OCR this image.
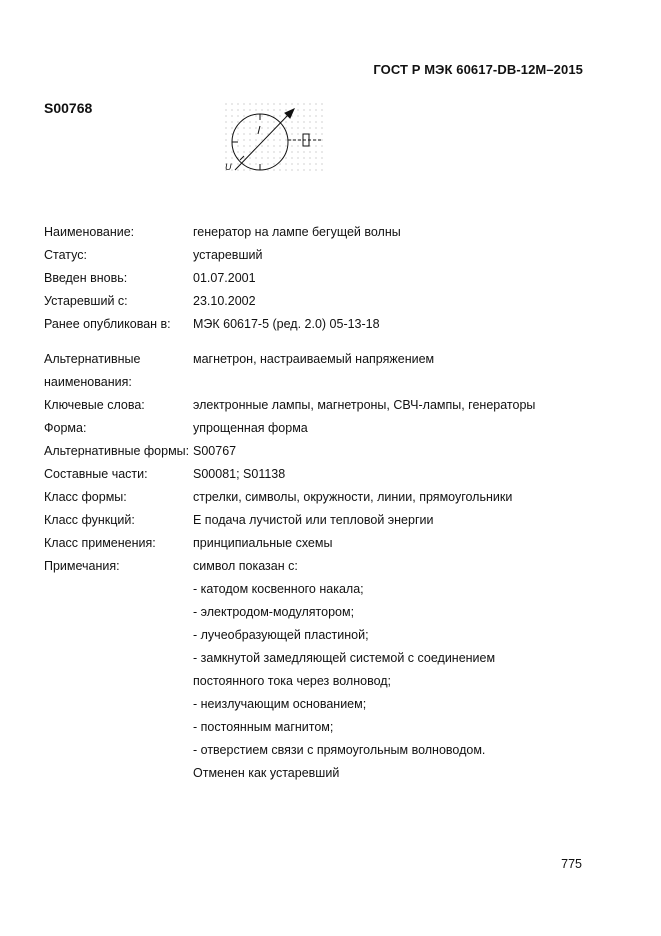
ГОСТ Р МЭК 60617-DB-12M–2015
S00768
U
Наименование:	генератор на лампе бегущей волны
Статус:	устаревший
Введен вновь:	01.07.2001
Устаревший с:	23.10.2002
Ранее опубликован в:	МЭК 60617-5 (ред. 2.0) 05-13-18
Альтернативные наименования:
магнетрон, настраиваемый напряжением
Ключевые слова:	электронные лампы, магнетроны, СВЧ-лампы, генераторы
Форма:	упрощенная форма
Альтернативные формы: S00767
Составные части:	S00081; S01138
Класс формы:	стрелки, символы, окружности, линии, прямоугольники
Класс функций:	E подача лучистой или тепловой энергии
Класс применения:	принципиальные схемы
Примечания:	символ показан с:
- катодом косвенного накала;
- электродом-модулятором;
- лучеобразующей пластиной;
- замкнутой замедляющей системой с соединением
постоянного тока через волновод;
- неизлучающим основанием;
- постоянным магнитом;
- отверстием связи с прямоугольным волноводом.
Отменен как устаревший
775
